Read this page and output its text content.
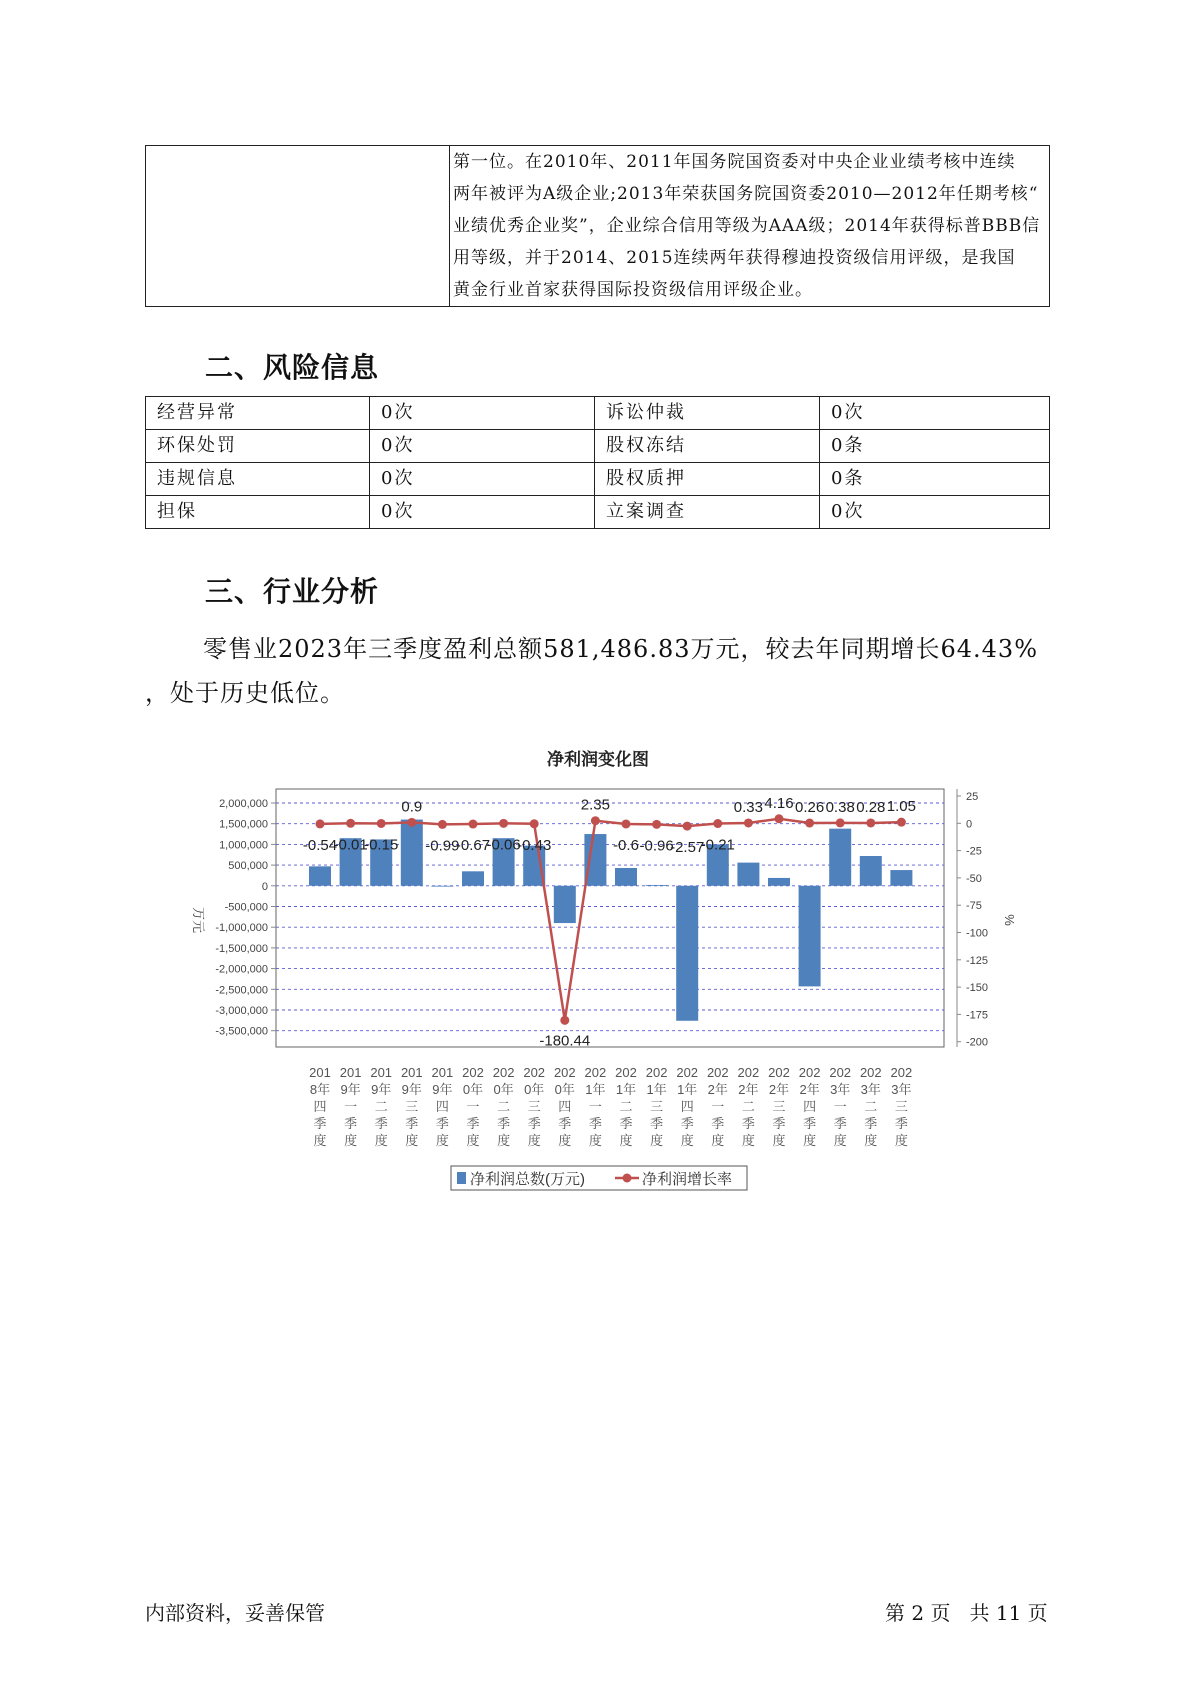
第一位。在2010年、2011年国务院国资委对中央企业业绩考核中连续
两年被评为A级企业;2013年荣获国务院国资委2010—2012年任期考核“
业绩优秀企业奖”，企业综合信用等级为AAA级；2014年获得标普BBB信
用等级，并于2014、2015连续两年获得穆迪投资级信用评级，是我国
黄金行业首家获得国际投资级信用评级企业。
二、风险信息
经营异常	0次	诉讼仲裁	0次
环保处罚	0次	股权冻结	0条
违规信息	0次	股权质押	0条
担保	0次	立案调查	0次
三、行业分析
零售业2023年三季度盈利总额581,486.83万元，较去年同期增长64.43%
，处于历史低位。
净利润变化图
2,000,000
1,500,000
1,000,000
500,000
0
-500,000
-1,000,000
-1,500,000
-2,000,000
-2,500,000
-3,000,000
-3,500,000
25
0
-25
-50
-75
-100
-125
-150
-175
-200
-0.54
-0.01
-0.15
0.9
-0.99
-0.67
-0.06
-0.43
-180.44
2.35
-0.6 -0.96
-2.57
-0.21
0.33 4.16 0.26 0.38 0.28 1.05
201
8年
四
季
度
201
9年
一
季
度
201
9年
二
季
度
201
9年
三
季
度
201
9年
四
季
度
202
0年
一
季
度
202
0年
二
季
度
202
0年
三
季
度
202
0年
四
季
度
202
1年
一
季
度
202
1年
二
季
度
202
1年
三
季
度
202
1年
四
季
度
202
2年
一
季
度
202
2年
二
季
度
202
2年
三
季
度
202
2年
四
季
度
202
3年
一
季
度
202
3年
二
季
度
202
3年
三
季
度
万元	%
净利润总数(万元)	净利润增长率
内部资料，妥善保管	第 2 页   共 11 页
